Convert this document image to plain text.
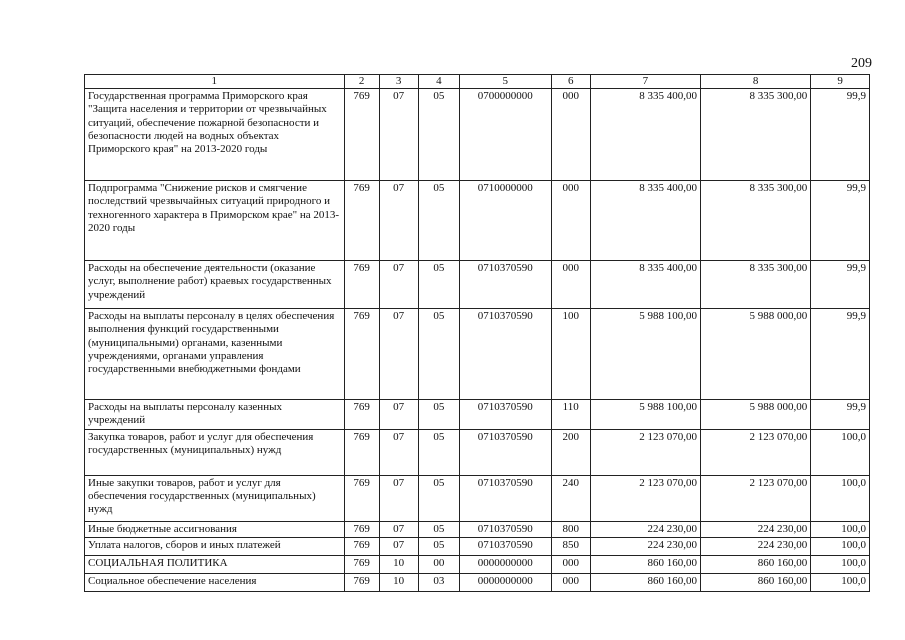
209
1	2	3	4	5	6	7	8	9
Государственная программа Приморского края "Защита населения и территории от чрезвычайных ситуаций, обеспечение пожарной безопасности и безопасности людей на водных объектах Приморского края" на 2013-2020 годы	769	07	05	0700000000	000	8 335 400,00	8 335 300,00	99,9
Подпрограмма "Снижение рисков и смягчение последствий чрезвычайных ситуаций природного и техногенного характера в Приморском крае" на 2013-2020 годы	769	07	05	0710000000	000	8 335 400,00	8 335 300,00	99,9
Расходы на обеспечение деятельности (оказание услуг, выполнение работ) краевых государственных учреждений	769	07	05	0710370590	000	8 335 400,00	8 335 300,00	99,9
Расходы на выплаты персоналу в целях обеспечения выполнения функций государственными (муниципальными) органами, казенными учреждениями, органами управления государственными внебюджетными фондами	769	07	05	0710370590	100	5 988 100,00	5 988 000,00	99,9
Расходы на выплаты персоналу казенных учреждений	769	07	05	0710370590	110	5 988 100,00	5 988 000,00	99,9
Закупка товаров, работ и услуг для обеспечения государственных (муниципальных) нужд	769	07	05	0710370590	200	2 123 070,00	2 123 070,00	100,0
Иные закупки товаров, работ и услуг для обеспечения государственных (муниципальных) нужд	769	07	05	0710370590	240	2 123 070,00	2 123 070,00	100,0
Иные бюджетные ассигнования	769	07	05	0710370590	800	224 230,00	224 230,00	100,0
Уплата налогов, сборов и иных платежей	769	07	05	0710370590	850	224 230,00	224 230,00	100,0
СОЦИАЛЬНАЯ ПОЛИТИКА	769	10	00	0000000000	000	860 160,00	860 160,00	100,0
Социальное обеспечение населения	769	10	03	0000000000	000	860 160,00	860 160,00	100,0
